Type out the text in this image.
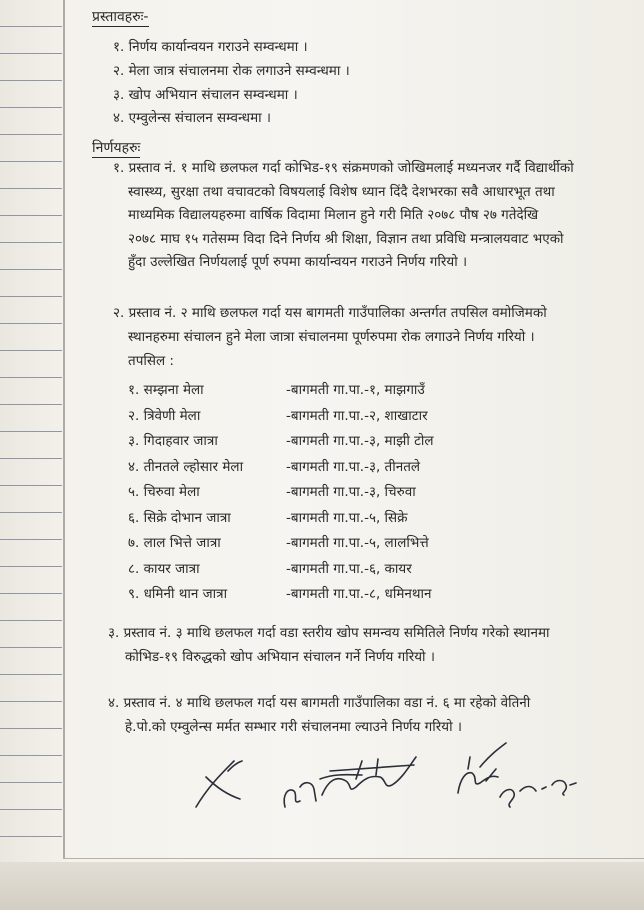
प्रस्तावहरुः-
१. निर्णय कार्यान्वयन गराउने सम्वन्धमा ।
२. मेला जात्र संचालनमा रोक लगाउने सम्वन्धमा ।
३. खोप अभियान संचालन सम्वन्धमा ।
४. एम्वुलेन्स संचालन सम्वन्धमा ।
निर्णयहरुः
१. प्रस्ताव नं. १ माथि छलफल गर्दा कोभिड-१९ संक्रमणको जोखिमलाई मध्यनजर गर्दै विद्यार्थीको
स्वास्थ्य, सुरक्षा तथा वचावटको विषयलाई विशेष ध्यान दिंदै देशभरका सवै आधारभूत तथा
माध्यमिक विद्यालयहरुमा वार्षिक विदामा मिलान हुने गरी मिति २०७८ पौष २७ गतेदेखि
२०७८ माघ १५ गतेसम्म विदा दिने निर्णय श्री शिक्षा, विज्ञान तथा प्रविधि मन्त्रालयवाट भएको
हुँदा उल्लेखित निर्णयलाई पूर्ण रुपमा कार्यान्वयन गराउने निर्णय गरियो ।
२. प्रस्ताव नं. २ माथि छलफल गर्दा यस बागमती गाउँपालिका अन्तर्गत तपसिल वमोजिमको
स्थानहरुमा संचालन हुने मेला जात्रा संचालनमा पूर्णरुपमा रोक लगाउने निर्णय गरियो ।
तपसिल :
१. सम्झना मेला	-बागमती गा.पा.-१, माझगाउँ
२. त्रिवेणी मेला	-बागमती गा.पा.-२, शाखाटार
३. गिदाहवार जात्रा	-बागमती गा.पा.-३, माझी टोल
४. तीनतले ल्होसार मेला	-बागमती गा.पा.-३, तीनतले
५. चिरुवा मेला	-बागमती गा.पा.-३, चिरुवा
६. सिक्रे दोभान जात्रा	-बागमती गा.पा.-५, सिक्रे
७. लाल भित्ते जात्रा	-बागमती गा.पा.-५, लालभित्ते
८. कायर जात्रा	-बागमती गा.पा.-६, कायर
९. धमिनी थान जात्रा	-बागमती गा.पा.-८, धमिनथान
३. प्रस्ताव नं. ३ माथि छलफल गर्दा वडा स्तरीय खोप समन्वय समितिले निर्णय गरेको स्थानमा
कोभिड-१९ विरुद्धको खोप अभियान संचालन गर्ने निर्णय गरियो ।
४. प्रस्ताव नं. ४ माथि छलफल गर्दा यस बागमती गाउँपालिका वडा नं. ६ मा रहेको वेतिनी
हे.पो.को एम्वुलेन्स मर्मत सम्भार गरी संचालनमा ल्याउने निर्णय गरियो ।
